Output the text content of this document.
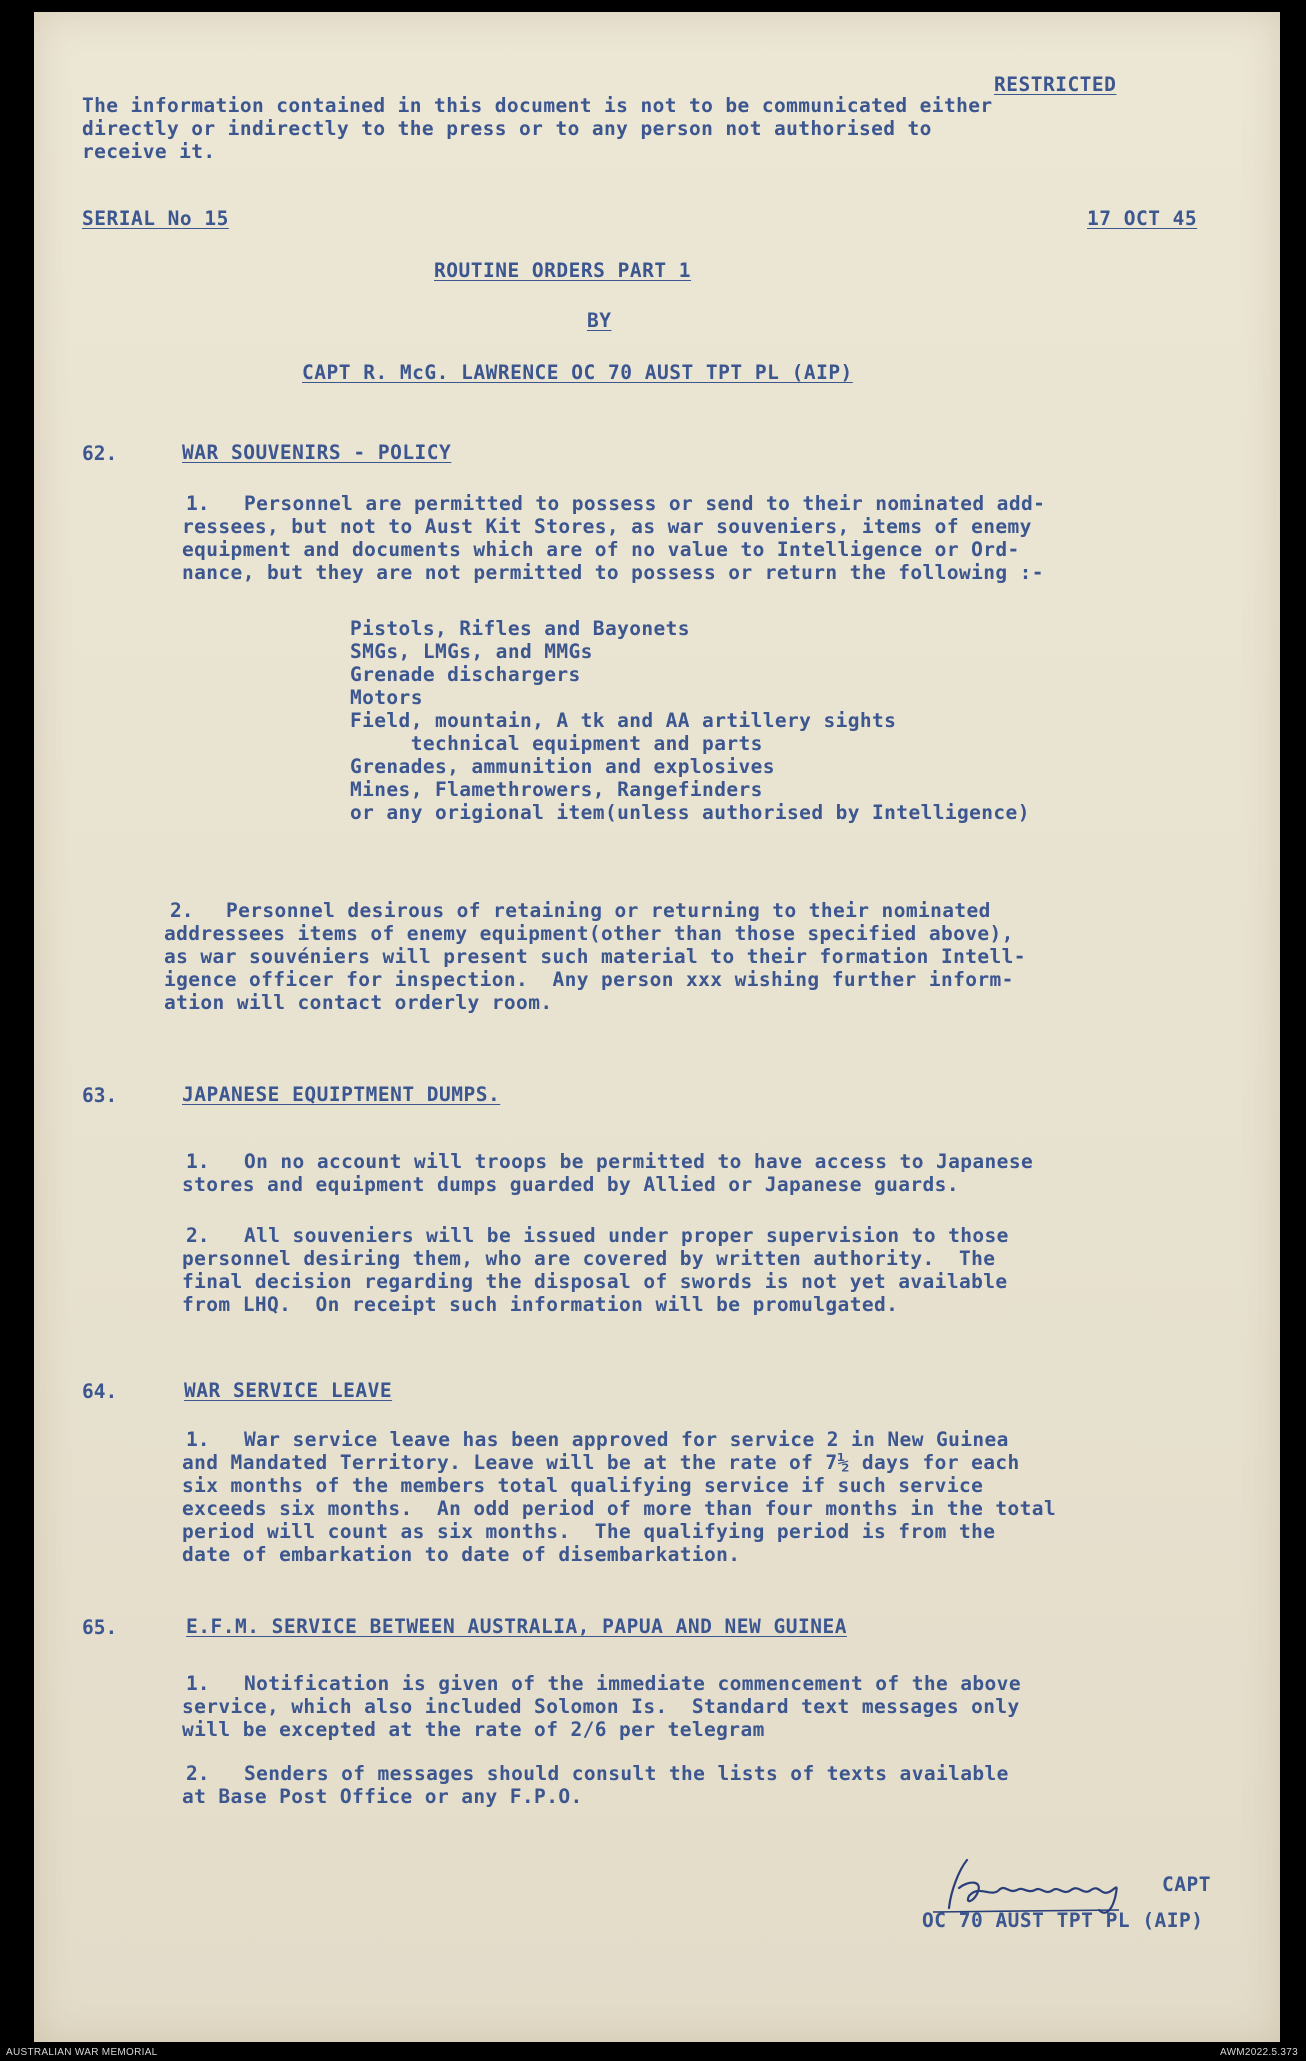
RESTRICTED
The information contained in this document is not to be communicated either
directly or indirectly to the press or to any person not authorised to
receive it.
SERIAL No 15	17 OCT 45
ROUTINE ORDERS PART 1
BY
CAPT R. McG. LAWRENCE OC 70 AUST TPT PL (AIP)
62.	WAR SOUVENIRS - POLICY
1.	Personnel are permitted to possess or send to their nominated add-
ressees, but not to Aust Kit Stores, as war souveniers, items of enemy
equipment and documents which are of no value to Intelligence or Ord-
nance, but they are not permitted to possess or return the following :-
Pistols, Rifles and Bayonets
SMGs, LMGs, and MMGs
Grenade dischargers
Motors
Field, mountain, A tk and AA artillery sights
technical equipment and parts
Grenades, ammunition and explosives
Mines, Flamethrowers, Rangefinders
or any origional item(unless authorised by Intelligence)
2.	Personnel desirous of retaining or returning to their nominated
addressees items of enemy equipment(other than those specified above),
as war souvéniers will present such material to their formation Intell-
igence officer for inspection.  Any person xxx wishing further inform-
ation will contact orderly room.
63.	JAPANESE EQUIPTMENT DUMPS.
1.	On no account will troops be permitted to have access to Japanese
stores and equipment dumps guarded by Allied or Japanese guards.
2.	All souveniers will be issued under proper supervision to those
personnel desiring them, who are covered by written authority.  The
final decision regarding the disposal of swords is not yet available
from LHQ.  On receipt such information will be promulgated.
64.	WAR SERVICE LEAVE
1.	War service leave has been approved for service 2 in New Guinea
and Mandated Territory. Leave will be at the rate of 7½ days for each
six months of the members total qualifying service if such service
exceeds six months.  An odd period of more than four months in the total
period will count as six months.  The qualifying period is from the
date of embarkation to date of disembarkation.
65.	E.F.M. SERVICE BETWEEN AUSTRALIA, PAPUA AND NEW GUINEA
1.	Notification is given of the immediate commencement of the above
service, which also included Solomon Is.  Standard text messages only
will be excepted at the rate of 2/6 per telegram
2.	Senders of messages should consult the lists of texts available
at Base Post Office or any F.P.O.
CAPT
OC 70 AUST TPT PL (AIP)
AUSTRALIAN WAR MEMORIAL	AWM2022.5.373
